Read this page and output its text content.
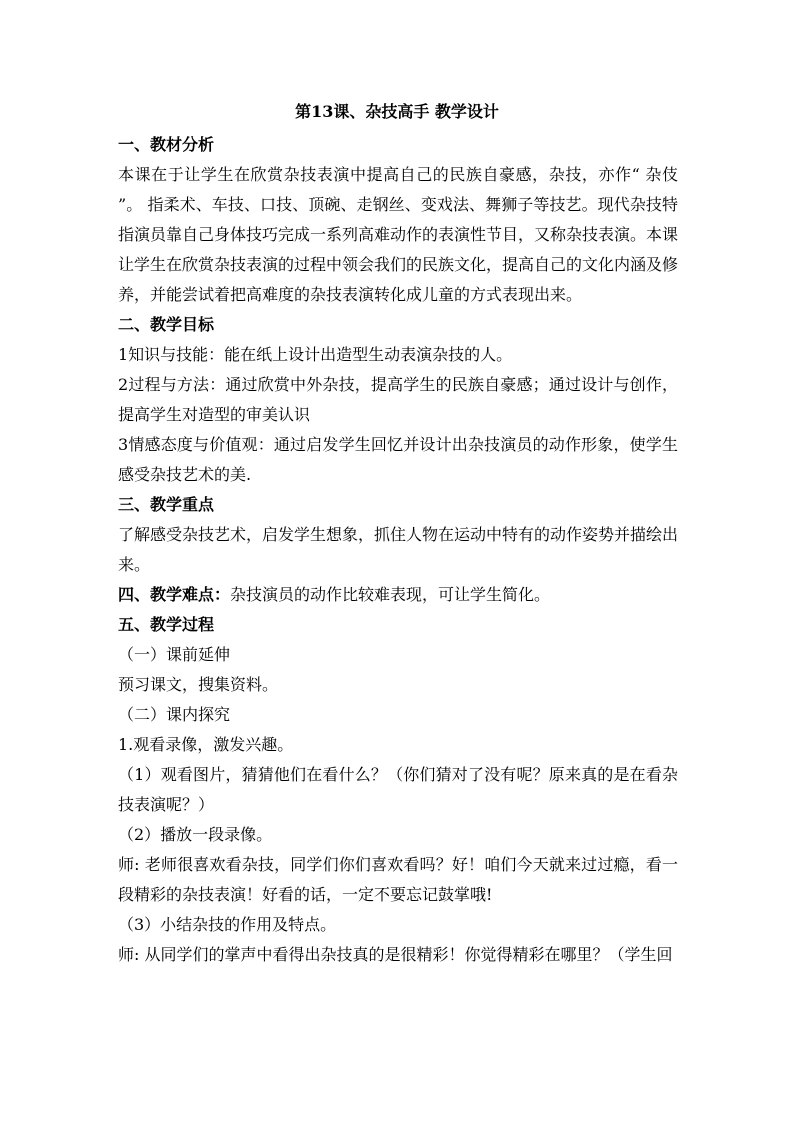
第13课、杂技高手 教学设计

一、教材分析

本课在于让学生在欣赏杂技表演中提高自己的民族自豪感，杂技，亦作“ 杂伎 ”。 指柔术、车技、口技、顶碗、走钢丝、变戏法、舞狮子等技艺。现代杂技特指演员靠自己身体技巧完成一系列高难动作的表演性节目，又称杂技表演。本课让学生在欣赏杂技表演的过程中领会我们的民族文化，提高自己的文化内涵及修养，并能尝试着把高难度的杂技表演转化成儿童的方式表现出来。

二、教学目标

1知识与技能：能在纸上设计出造型生动表演杂技的人。

2过程与方法：通过欣赏中外杂技，提高学生的民族自豪感；通过设计与创作，提高学生对造型的审美认识

3情感态度与价值观：通过启发学生回忆并设计出杂技演员的动作形象，使学生感受杂技艺术的美.

三、教学重点

了解感受杂技艺术，启发学生想象，抓住人物在运动中特有的动作姿势并描绘出来。

四、教学难点：杂技演员的动作比较难表现，可让学生简化。

五、教学过程

（一）课前延伸

预习课文，搜集资料。

（二）课内探究

1.观看录像，激发兴趣。

（1）观看图片，猜猜他们在看什么？（你们猜对了没有呢？原来真的是在看杂技表演呢？）

（2）播放一段录像。

师: 老师很喜欢看杂技，同学们你们喜欢看吗？好！咱们今天就来过过瘾，看一段精彩的杂技表演！好看的话，一定不要忘记鼓掌哦!

（3）小结杂技的作用及特点。

师: 从同学们的掌声中看得出杂技真的是很精彩！你觉得精彩在哪里？（学生回
